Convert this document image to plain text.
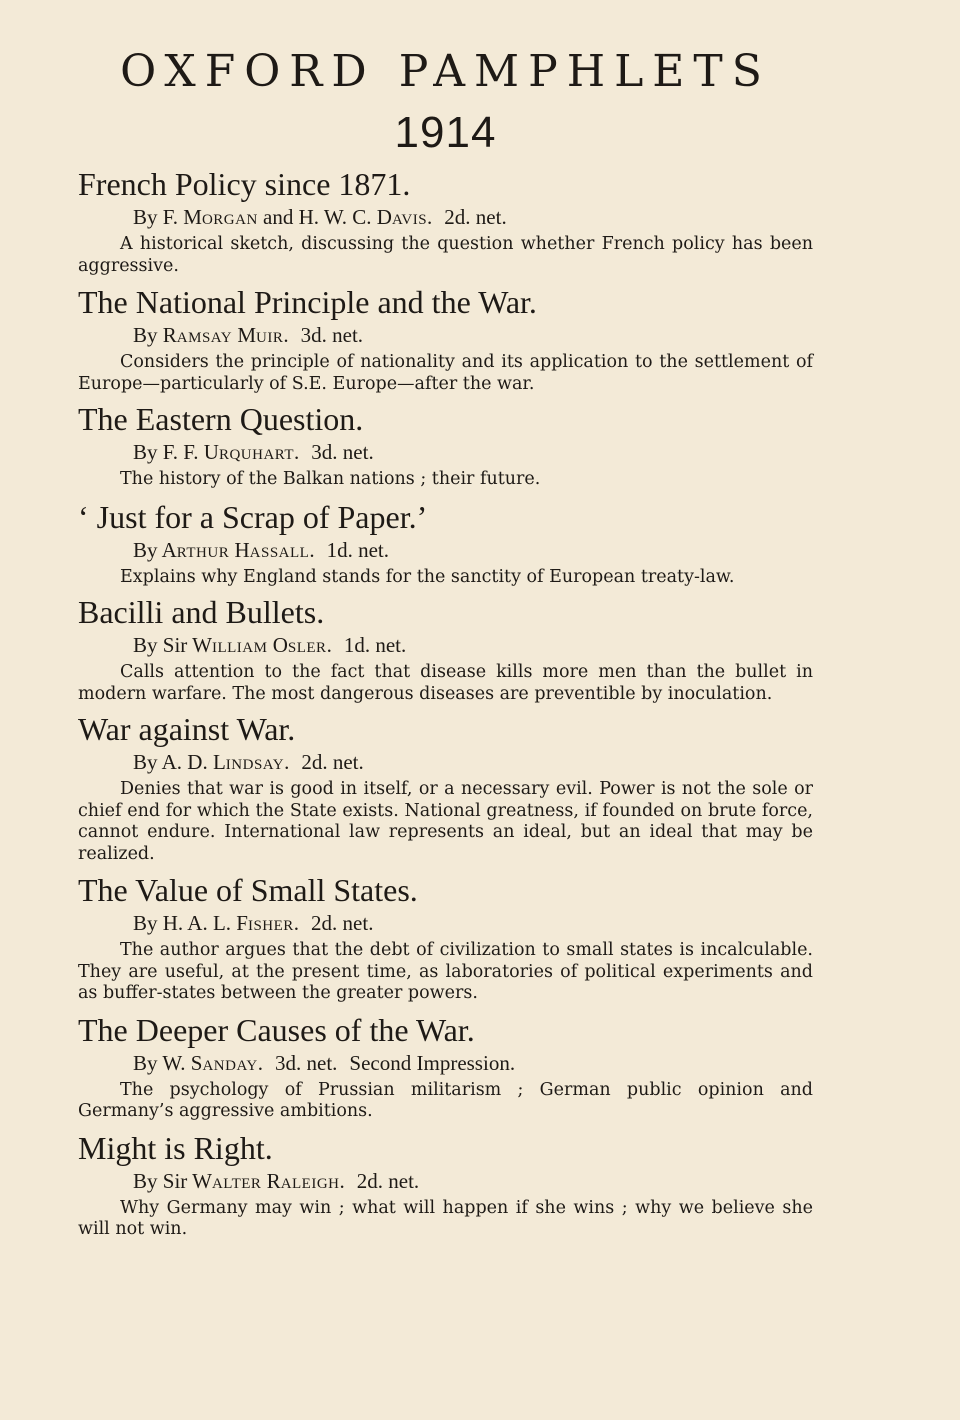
OXFORD PAMPHLETS
1914
French Policy since 1871.
By F. Morgan and H. W. C. Davis. 2d. net.

A historical sketch, discussing the question whether French policy has been aggressive.

The National Principle and the War.
By Ramsay Muir. 3d. net.

Considers the principle of nationality and its application to the settlement of Europe—particularly of S.E. Europe—after the war.

The Eastern Question.
By F. F. Urquhart. 3d. net.

The history of the Balkan nations ; their future.

‘ Just for a Scrap of Paper.’
By Arthur Hassall. 1d. net.

Explains why England stands for the sanctity of European treaty-law.

Bacilli and Bullets.
By Sir William Osler. 1d. net.

Calls attention to the fact that disease kills more men than the bullet in modern warfare. The most dangerous diseases are preventible by inoculation.

War against War.
By A. D. Lindsay. 2d. net.

Denies that war is good in itself, or a necessary evil. Power is not the sole or chief end for which the State exists. National greatness, if founded on brute force, cannot endure. International law represents an ideal, but an ideal that may be realized.

The Value of Small States.
By H. A. L. Fisher. 2d. net.

The author argues that the debt of civilization to small states is incalculable. They are useful, at the present time, as laboratories of political experiments and as buffer-states between the greater powers.

The Deeper Causes of the War.
By W. Sanday. 3d. net. Second Impression.

The psychology of Prussian militarism ; German public opinion and Germany’s aggressive ambitions.

Might is Right.
By Sir Walter Raleigh. 2d. net.

Why Germany may win ; what will happen if she wins ; why we believe she will not win.
